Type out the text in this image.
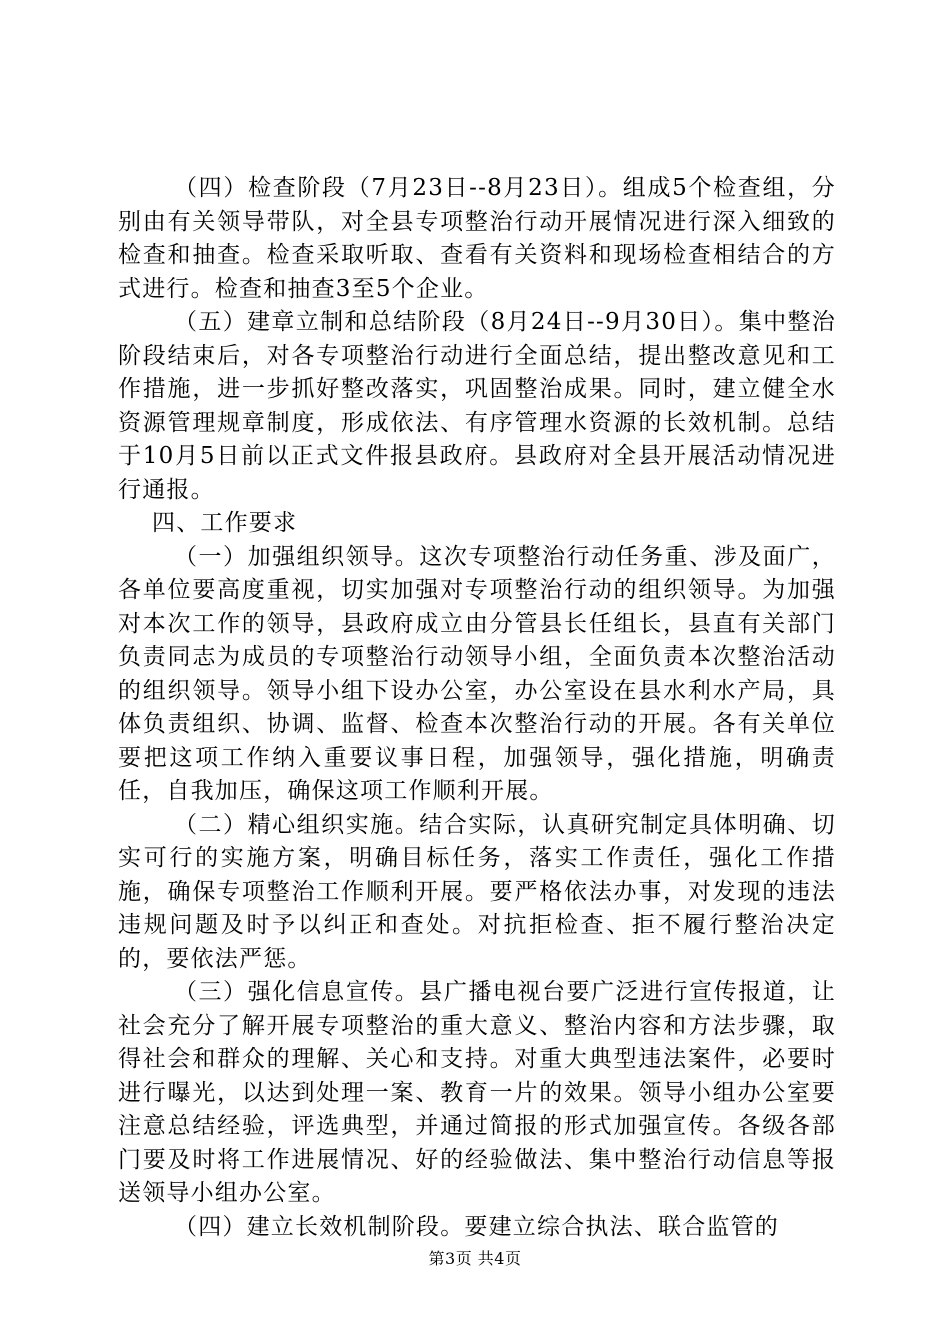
（四）检查阶段（7月23日--8月23日）。组成5个检查组，分别由有关领导带队，对全县专项整治行动开展情况进行深入细致的检查和抽查。检查采取听取、查看有关资料和现场检查相结合的方式进行。检查和抽查3至5个企业。

（五）建章立制和总结阶段（8月24日--9月30日）。集中整治阶段结束后，对各专项整治行动进行全面总结，提出整改意见和工作措施，进一步抓好整改落实，巩固整治成果。同时，建立健全水资源管理规章制度，形成依法、有序管理水资源的长效机制。总结于10月5日前以正式文件报县政府。县政府对全县开展活动情况进行通报。

四、工作要求

（一）加强组织领导。这次专项整治行动任务重、涉及面广，各单位要高度重视，切实加强对专项整治行动的组织领导。为加强对本次工作的领导，县政府成立由分管县长任组长，县直有关部门负责同志为成员的专项整治行动领导小组，全面负责本次整治活动的组织领导。领导小组下设办公室，办公室设在县水利水产局，具体负责组织、协调、监督、检查本次整治行动的开展。各有关单位要把这项工作纳入重要议事日程，加强领导，强化措施，明确责任，自我加压，确保这项工作顺利开展。

（二）精心组织实施。结合实际，认真研究制定具体明确、切实可行的实施方案，明确目标任务，落实工作责任，强化工作措施，确保专项整治工作顺利开展。要严格依法办事，对发现的违法违规问题及时予以纠正和查处。对抗拒检查、拒不履行整治决定的，要依法严惩。

（三）强化信息宣传。县广播电视台要广泛进行宣传报道，让社会充分了解开展专项整治的重大意义、整治内容和方法步骤，取得社会和群众的理解、关心和支持。对重大典型违法案件，必要时进行曝光，以达到处理一案、教育一片的效果。领导小组办公室要注意总结经验，评选典型，并通过简报的形式加强宣传。各级各部门要及时将工作进展情况、好的经验做法、集中整治行动信息等报送领导小组办公室。

（四）建立长效机制阶段。要建立综合执法、联合监管的

第3页 共4页
